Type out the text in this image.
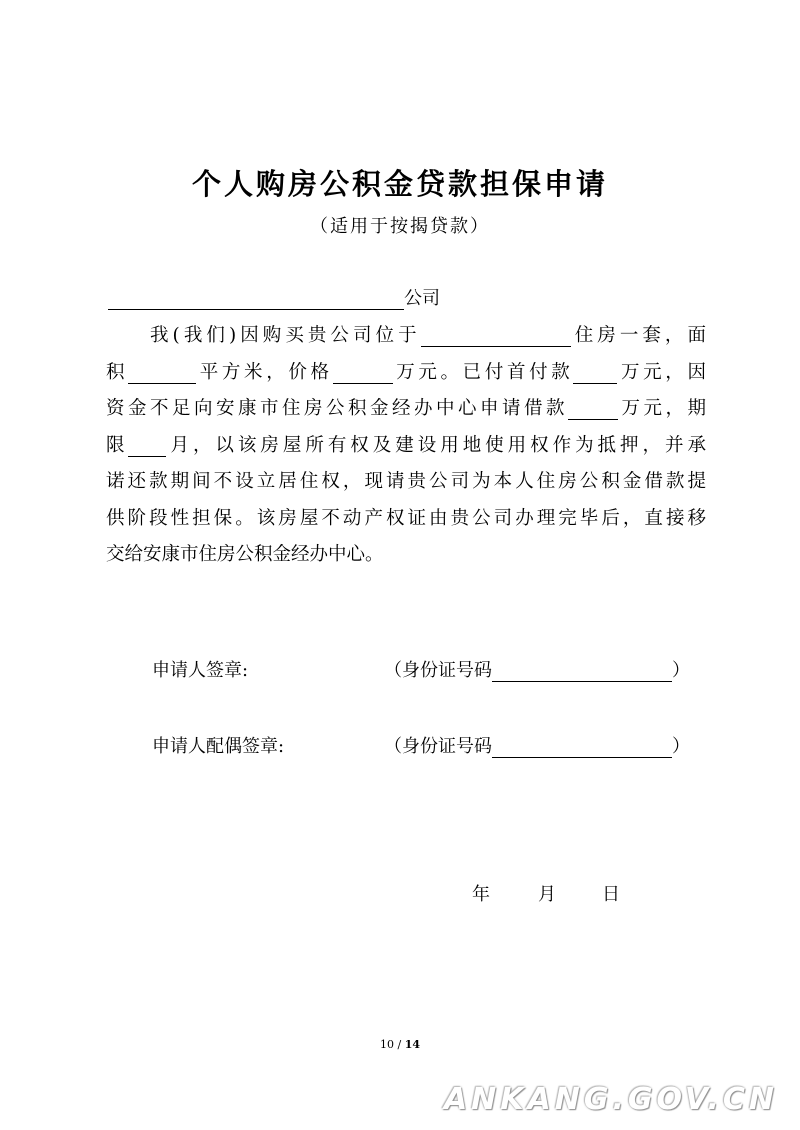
个人购房公积金贷款担保申请
（适用于按揭贷款）
公司
我(我们)因购买贵公司位于	住房一套，面
积	平方米，价格	万元。已付首付款 万元，因
资金不足向安康市住房公积金经办中心申请借款	万元，期
限 月，以该房屋所有权及建设用地使用权作为抵押，并承
诺还款期间不设立居住权，现请贵公司为本人住房公积金借款提
供阶段性担保。该房屋不动产权证由贵公司办理完毕后，直接移
交给安康市住房公积金经办中心。
申请人签章:	（身份证号码	）
申请人配偶签章:	（身份证号码	）
年	月	日
10 / 14
ANKANG.GOV.CN
